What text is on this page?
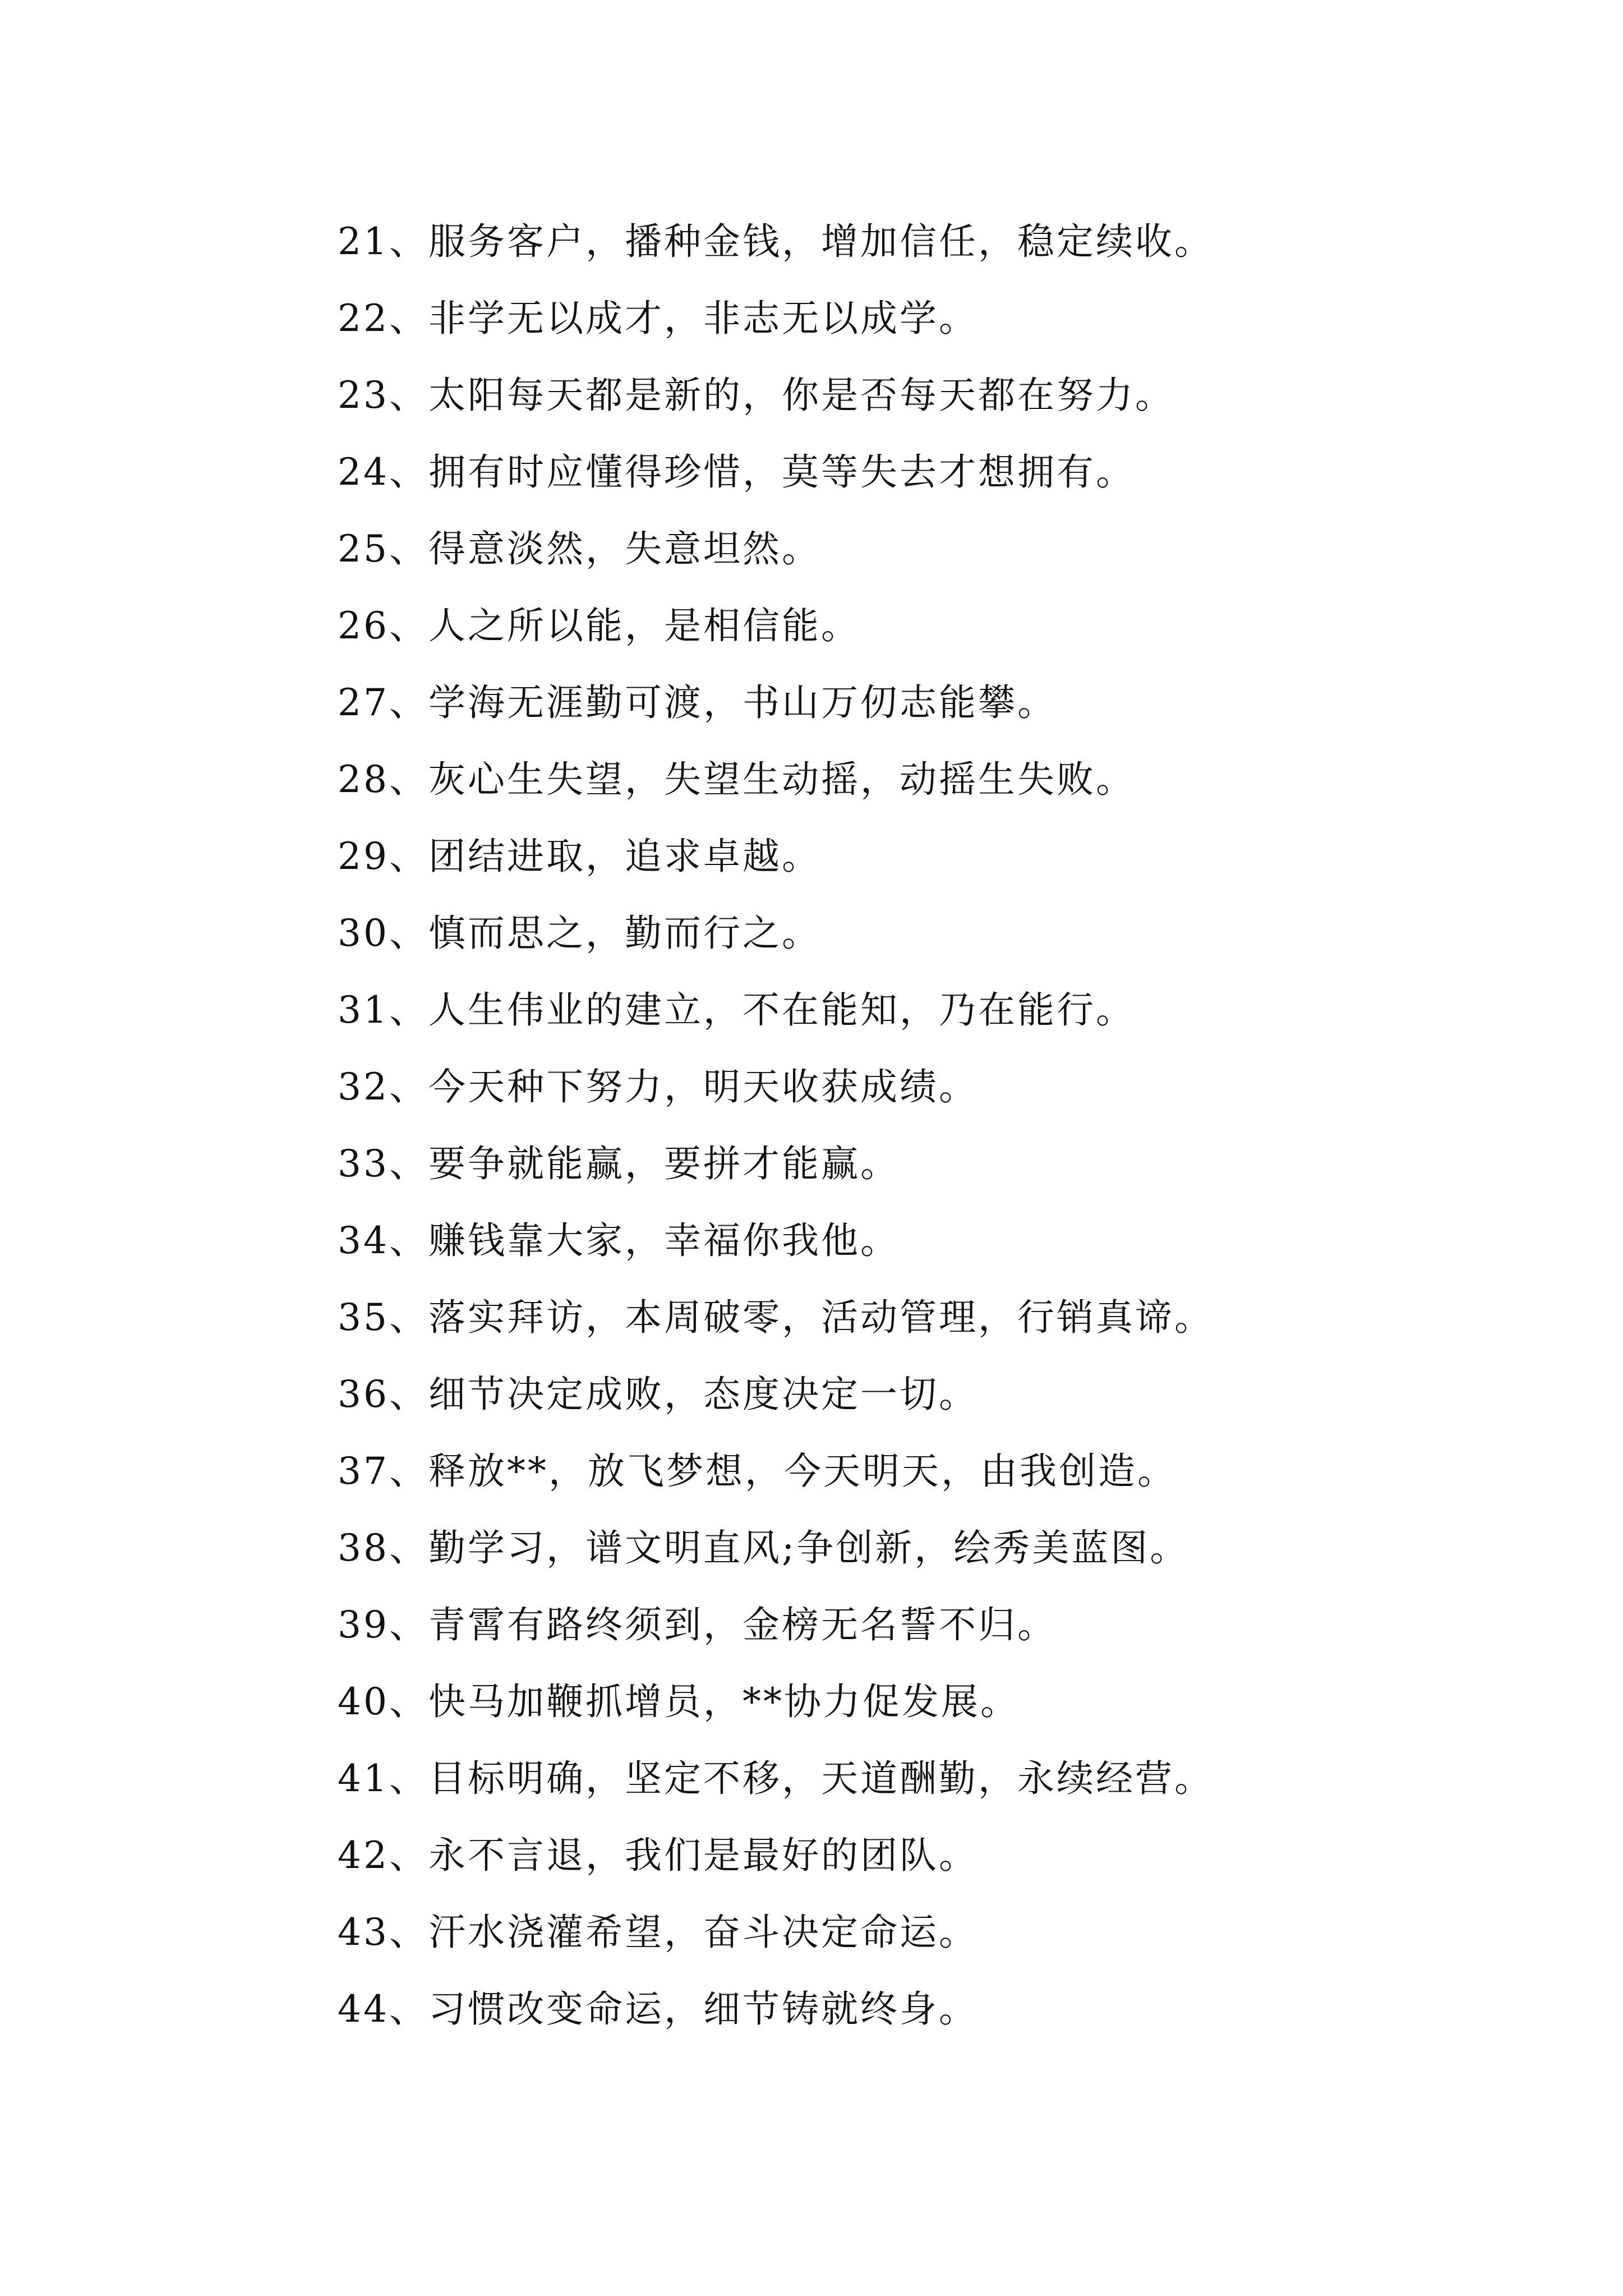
21、服务客户，播种金钱，增加信任，稳定续收。
22、非学无以成才，非志无以成学。
23、太阳每天都是新的，你是否每天都在努力。
24、拥有时应懂得珍惜，莫等失去才想拥有。
25、得意淡然，失意坦然。
26、人之所以能，是相信能。
27、学海无涯勤可渡，书山万仞志能攀。
28、灰心生失望，失望生动摇，动摇生失败。
29、团结进取，追求卓越。
30、慎而思之，勤而行之。
31、人生伟业的建立，不在能知，乃在能行。
32、今天种下努力，明天收获成绩。
33、要争就能赢，要拼才能赢。
34、赚钱靠大家，幸福你我他。
35、落实拜访，本周破零，活动管理，行销真谛。
36、细节决定成败，态度决定一切。
37、释放**，放飞梦想，今天明天，由我创造。
38、勤学习，谱文明直风;争创新，绘秀美蓝图。
39、青霄有路终须到，金榜无名誓不归。
40、快马加鞭抓增员，**协力促发展。
41、目标明确，坚定不移，天道酬勤，永续经营。
42、永不言退，我们是最好的团队。
43、汗水浇灌希望，奋斗决定命运。
44、习惯改变命运，细节铸就终身。
